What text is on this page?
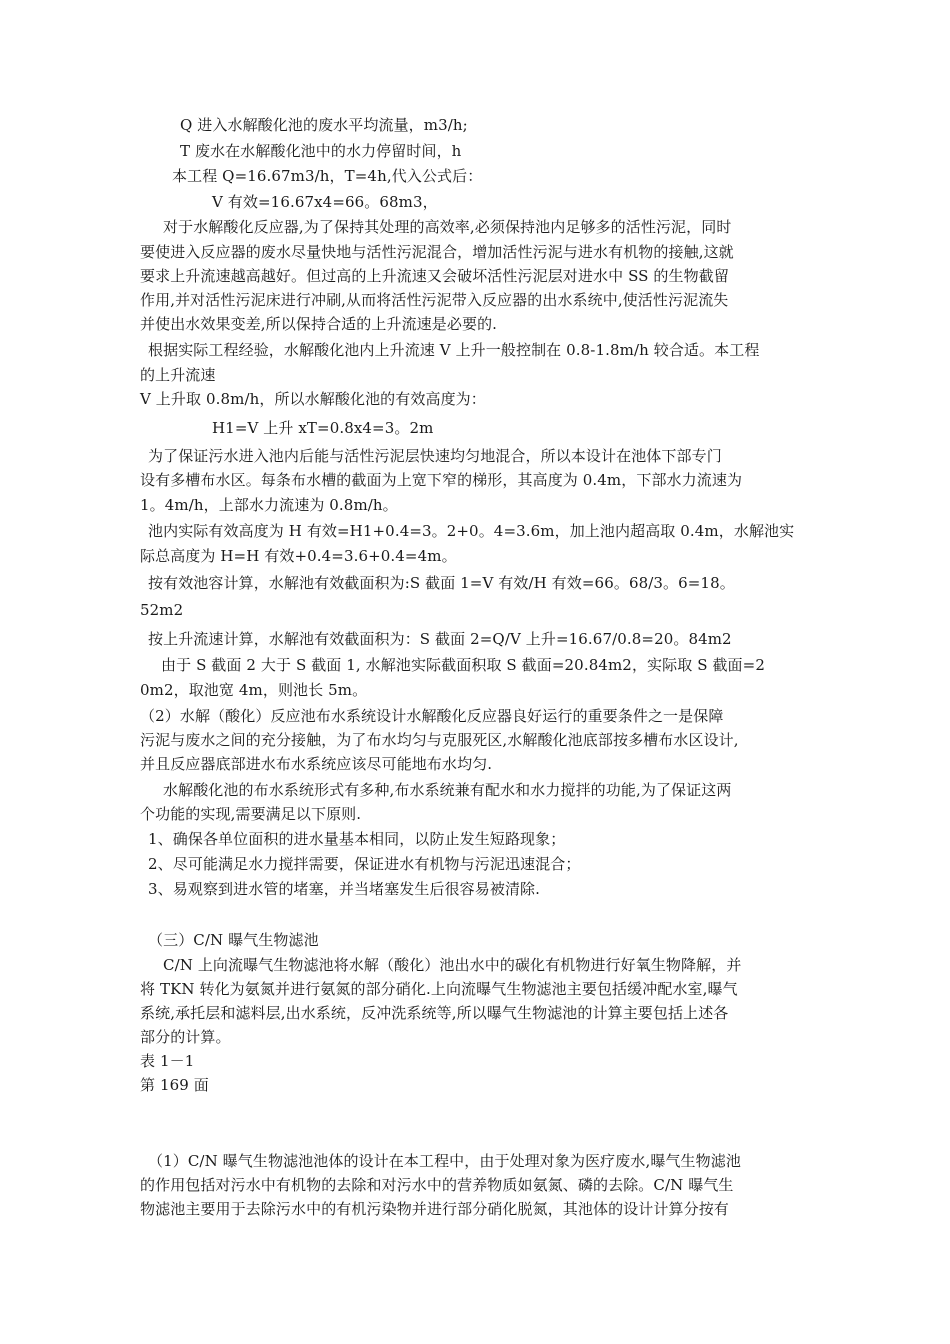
Q 进入水解酸化池的废水平均流量，m3/h;
T 废水在水解酸化池中的水力停留时间，h
本工程 Q=16.67m3/h，T=4h,代入公式后：
V 有效=16.67x4=66。68m3，
对于水解酸化反应器,为了保持其处理的高效率,必须保持池内足够多的活性污泥，同时
要使进入反应器的废水尽量快地与活性污泥混合，增加活性污泥与进水有机物的接触,这就
要求上升流速越高越好。但过高的上升流速又会破坏活性污泥层对进水中 SS 的生物截留
作用,并对活性污泥床进行冲刷,从而将活性污泥带入反应器的出水系统中,使活性污泥流失
并使出水效果变差,所以保持合适的上升流速是必要的.
根据实际工程经验，水解酸化池内上升流速 V 上升一般控制在 0.8-1.8m/h 较合适。本工程
的上升流速
V 上升取 0.8m/h，所以水解酸化池的有效高度为：
H1=V 上升 xT=0.8x4=3。2m
为了保证污水进入池内后能与活性污泥层快速均匀地混合，所以本设计在池体下部专门
设有多槽布水区。每条布水槽的截面为上宽下窄的梯形，其高度为 0.4m，下部水力流速为
1。4m/h，上部水力流速为 0.8m/h。
池内实际有效高度为 H 有效=H1+0.4=3。2+0。4=3.6m，加上池内超高取 0.4m，水解池实
际总高度为 H=H 有效+0.4=3.6+0.4=4m。
按有效池容计算，水解池有效截面积为:S 截面 1=V 有效/H 有效=66。68/3。6=18。
52m2
按上升流速计算，水解池有效截面积为：S 截面 2=Q/V 上升=16.67/0.8=20。84m2
由于 S 截面 2 大于 S 截面 1, 水解池实际截面积取 S 截面=20.84m2，实际取 S 截面=2
0m2，取池宽 4m，则池长 5m。
（2）水解（酸化）反应池布水系统设计水解酸化反应器良好运行的重要条件之一是保障
污泥与废水之间的充分接触，为了布水均匀与克服死区,水解酸化池底部按多槽布水区设计,
并且反应器底部进水布水系统应该尽可能地布水均匀.
水解酸化池的布水系统形式有多种,布水系统兼有配水和水力搅拌的功能,为了保证这两
个功能的实现,需要满足以下原则.
1、确保各单位面积的进水量基本相同，以防止发生短路现象；
2、尽可能满足水力搅拌需要，保证进水有机物与污泥迅速混合；
3、易观察到进水管的堵塞，并当堵塞发生后很容易被清除.
（三）C/N 曝气生物滤池
C/N 上向流曝气生物滤池将水解（酸化）池出水中的碳化有机物进行好氧生物降解，并
将 TKN 转化为氨氮并进行氨氮的部分硝化.上向流曝气生物滤池主要包括缓冲配水室,曝气
系统,承托层和滤料层,出水系统，反冲洗系统等,所以曝气生物滤池的计算主要包括上述各
部分的计算。
表 1－1
第 169 面
（1）C/N 曝气生物滤池池体的设计在本工程中，由于处理对象为医疗废水,曝气生物滤池
的作用包括对污水中有机物的去除和对污水中的营养物质如氨氮、磷的去除。C/N 曝气生
物滤池主要用于去除污水中的有机污染物并进行部分硝化脱氮，其池体的设计计算分按有
